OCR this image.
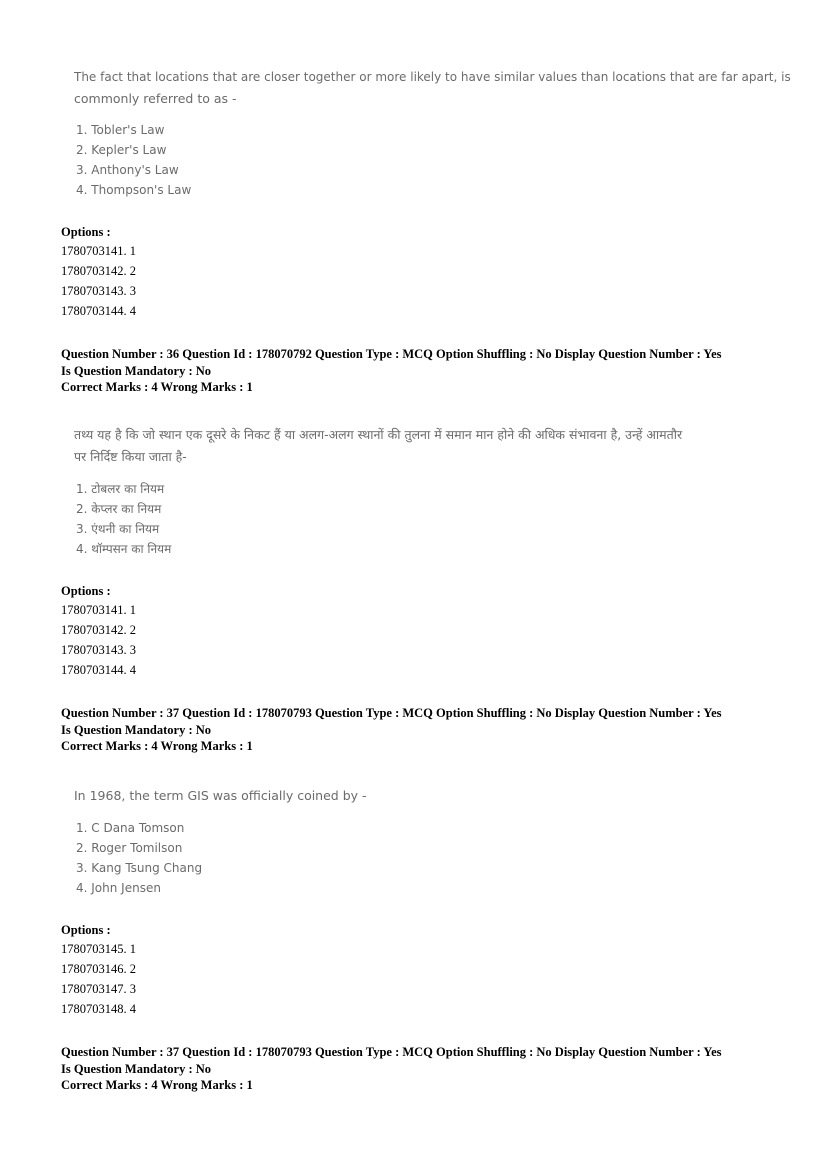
The fact that locations that are closer together or more likely to have similar values than locations that are far apart, is
commonly referred to as -
1. Tobler's Law
2. Kepler's Law
3. Anthony's Law
4. Thompson's Law
Options :
1780703141. 1
1780703142. 2
1780703143. 3
1780703144. 4
Question Number : 36 Question Id : 178070792 Question Type : MCQ Option Shuffling : No Display Question Number : Yes
Is Question Mandatory : No
Correct Marks : 4 Wrong Marks : 1
तथ्य यह है कि जो स्थान एक दूसरे के निकट हैं या अलग-अलग स्थानों की तुलना में समान मान होने की अधिक संभावना है, उन्हें आमतौर
पर निर्दिष्ट किया जाता है-
1. टोबलर का नियम
2. केप्लर का नियम
3. एंथनी का नियम
4. थॉम्पसन का नियम
Options :
1780703141. 1
1780703142. 2
1780703143. 3
1780703144. 4
Question Number : 37 Question Id : 178070793 Question Type : MCQ Option Shuffling : No Display Question Number : Yes
Is Question Mandatory : No
Correct Marks : 4 Wrong Marks : 1
In 1968, the term GIS was officially coined by -
1. C Dana Tomson
2. Roger Tomilson
3. Kang Tsung Chang
4. John Jensen
Options :
1780703145. 1
1780703146. 2
1780703147. 3
1780703148. 4
Question Number : 37 Question Id : 178070793 Question Type : MCQ Option Shuffling : No Display Question Number : Yes
Is Question Mandatory : No
Correct Marks : 4 Wrong Marks : 1
